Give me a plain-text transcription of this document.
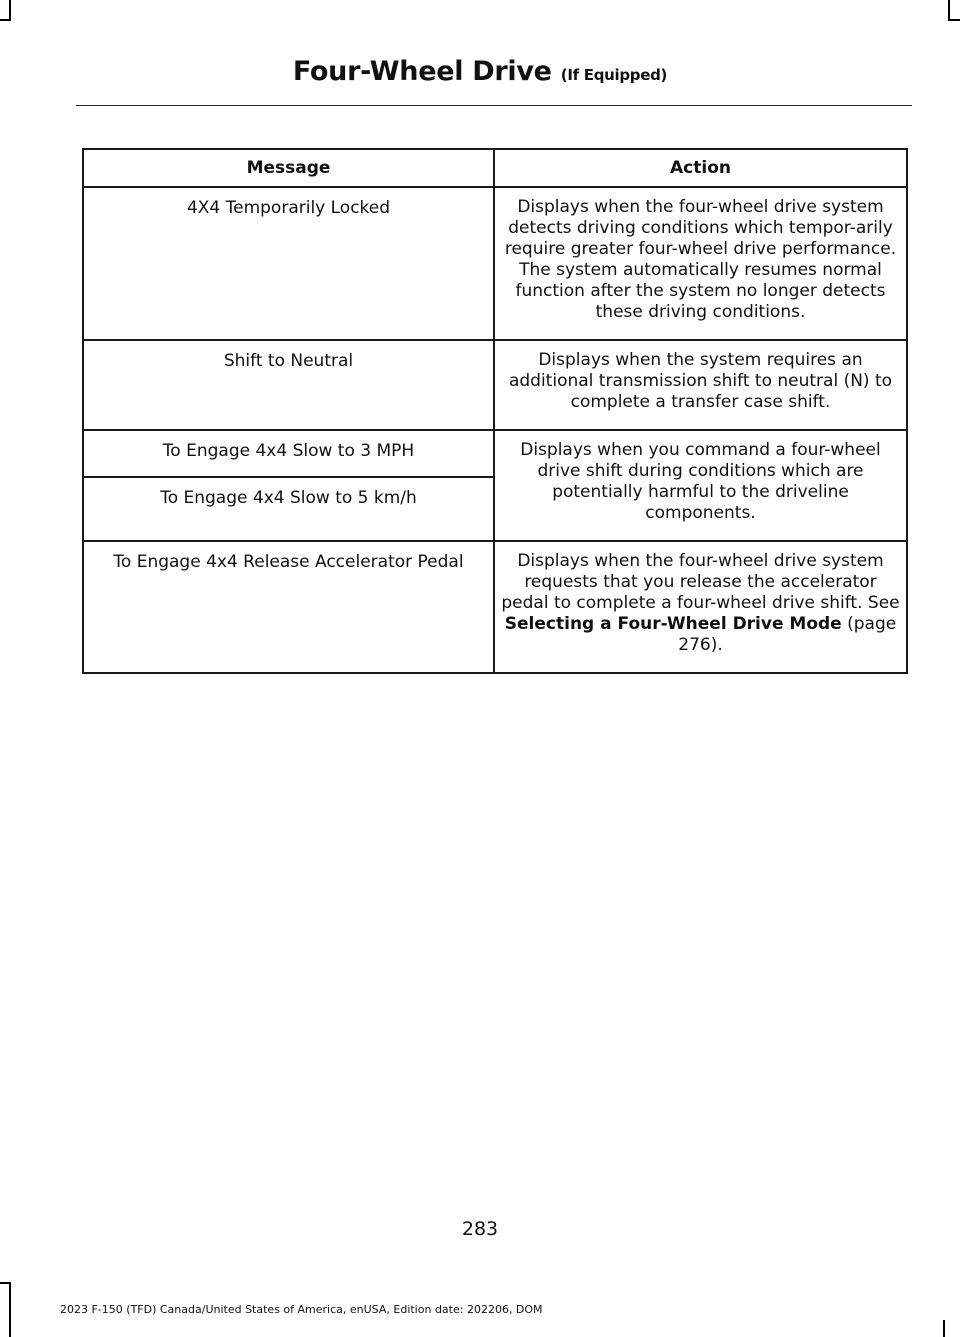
Four-Wheel Drive (If Equipped)
Message	Action
4X4 Temporarily Locked	Displays when the four-wheel drive system detects driving conditions which tempor-arily require greater four-wheel drive performance. The system automatically resumes normal function after the system no longer detects these driving conditions.
Shift to Neutral	Displays when the system requires an additional transmission shift to neutral (N) to complete a transfer case shift.
To Engage 4x4 Slow to 3 MPH	Displays when you command a four-wheel drive shift during conditions which are potentially harmful to the driveline components.
To Engage 4x4 Slow to 5 km/h	
To Engage 4x4 Release Accelerator Pedal	Displays when the four-wheel drive system requests that you release the accelerator pedal to complete a four-wheel drive shift. See Selecting a Four-Wheel Drive Mode (page 276).
283
2023 F-150 (TFD) Canada/United States of America, enUSA, Edition date: 202206, DOM
